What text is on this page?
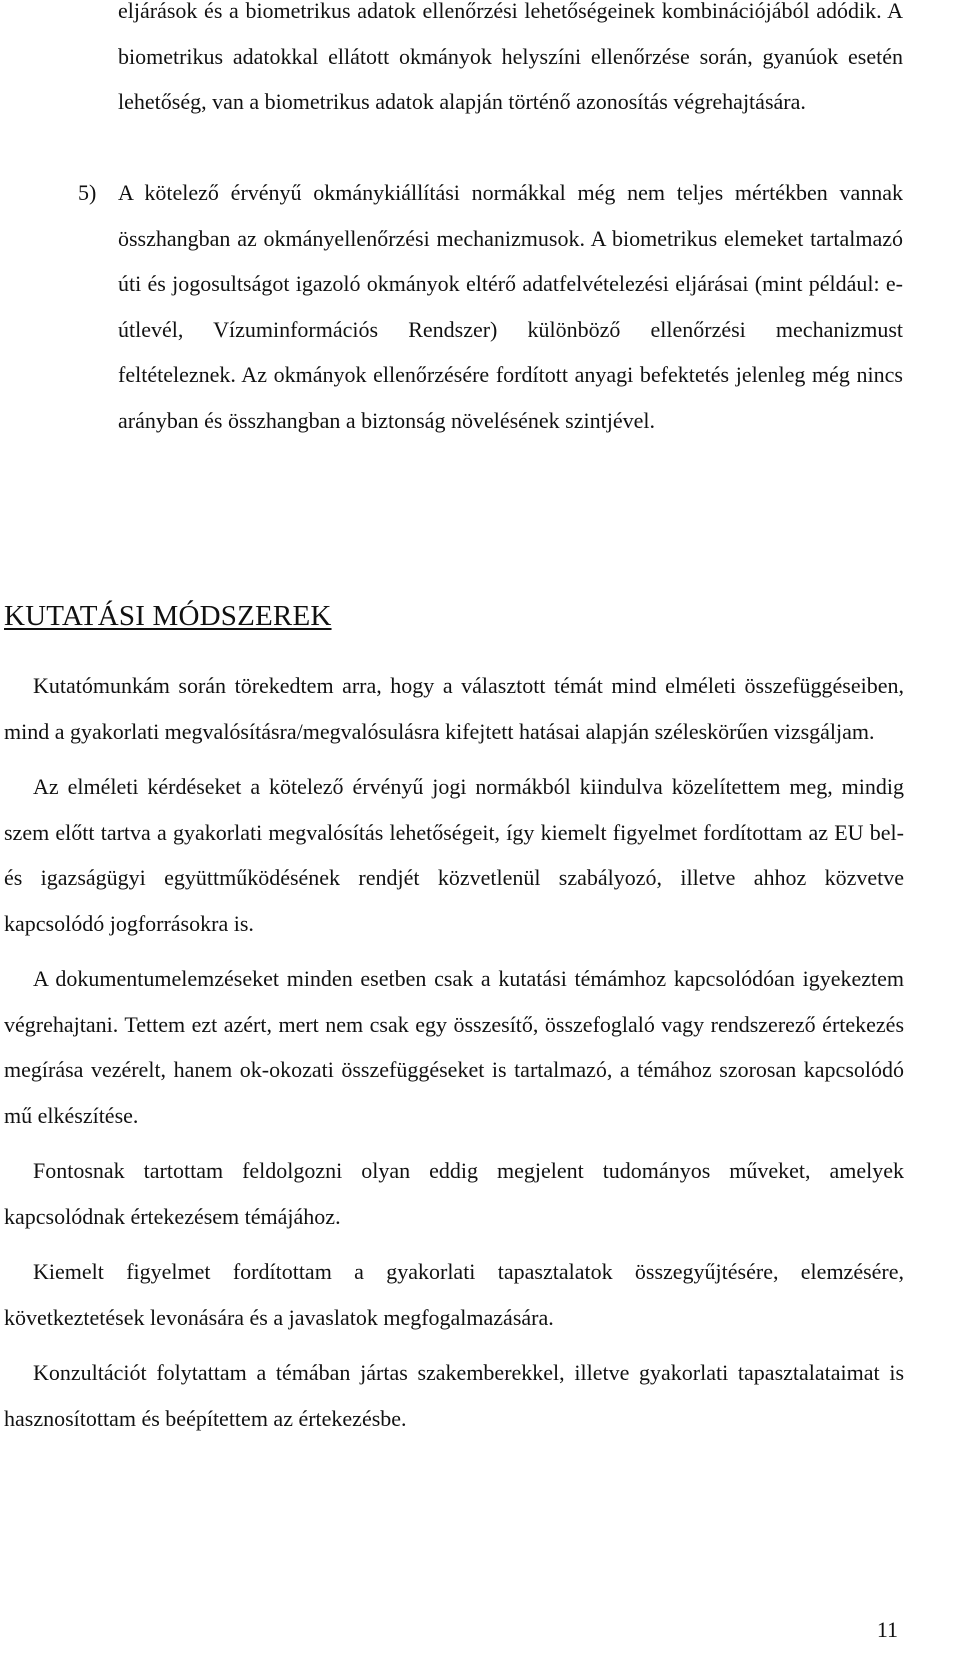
eljárások és a biometrikus adatok ellenőrzési lehetőségeinek kombinációjából adódik. A biometrikus adatokkal ellátott okmányok helyszíni ellenőrzése során, gyanúok esetén lehetőség, van a biometrikus adatok alapján történő azonosítás végrehajtására.

5) A kötelező érvényű okmánykiállítási normákkal még nem teljes mértékben vannak összhangban az okmányellenőrzési mechanizmusok. A biometrikus elemeket tartalmazó úti és jogosultságot igazoló okmányok eltérő adatfelvételezési eljárásai (mint például: e-útlevél, Vízuminformációs Rendszer) különböző ellenőrzési mechanizmust feltételeznek. Az okmányok ellenőrzésére fordított anyagi befektetés jelenleg még nincs arányban és összhangban a biztonság növelésének szintjével.
KUTATÁSI MÓDSZEREK

Kutatómunkám során törekedtem arra, hogy a választott témát mind elméleti összefüggéseiben, mind a gyakorlati megvalósításra/megvalósulásra kifejtett hatásai alapján széleskörűen vizsgáljam.

Az elméleti kérdéseket a kötelező érvényű jogi normákból kiindulva közelítettem meg, mindig szem előtt tartva a gyakorlati megvalósítás lehetőségeit, így kiemelt figyelmet fordítottam az EU bel- és igazságügyi együttműködésének rendjét közvetlenül szabályozó, illetve ahhoz közvetve kapcsolódó jogforrásokra is.

A dokumentumelemzéseket minden esetben csak a kutatási témámhoz kapcsolódóan igyekeztem végrehajtani. Tettem ezt azért, mert nem csak egy összesítő, összefoglaló vagy rendszerező értekezés megírása vezérelt, hanem ok-okozati összefüggéseket is tartalmazó, a témához szorosan kapcsolódó mű elkészítése.

Fontosnak tartottam feldolgozni olyan eddig megjelent tudományos műveket, amelyek kapcsolódnak értekezésem témájához.

Kiemelt figyelmet fordítottam a gyakorlati tapasztalatok összegyűjtésére, elemzésére, következtetések levonására és a javaslatok megfogalmazására.

Konzultációt folytattam a témában jártas szakemberekkel, illetve gyakorlati tapasztalataimat is hasznosítottam és beépítettem az értekezésbe.

11
